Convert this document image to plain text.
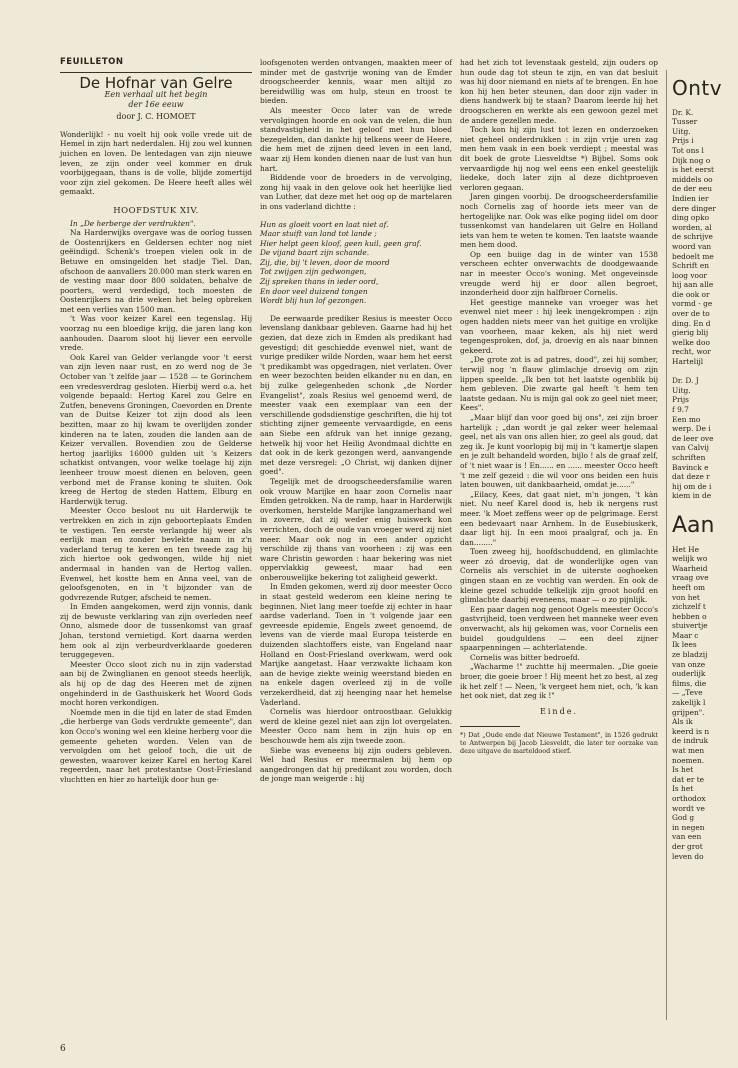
FEUILLETON
De Hofnar van Gelre
Een verhaal uit het begin
der 16e eeuw
door J. C. HOMOET

Wonderlijk! - nu voelt hij ook volle vrede uit de Hemel in zijn hart nederdalen. Hij zou wel kunnen juichen en loven. De lentedagen van zijn nieuwe leven, ze zijn onder veel kommer en druk voorbijgegaan, thans is de volle, blijde zomertijd voor zijn ziel gekomen. De Heere heeft alles wèl gemaakt.

HOOFDSTUK XIV.

In „De herberge der verdrukten".

Na Harderwijks overgave was de oorlog tussen de Oostenrijkers en Geldersen echter nog niet geëindigd. Schenk's troepen vielen ook in de Betuwe en omsingelden het stadje Tiel. Dan, ofschoon de aanvallers 20.000 man sterk waren en de vesting maar door 800 soldaten, behalve de poorters, werd verdedigd, toch moesten de Oostenrijkers na drie weken het beleg opbreken met een verlies van 1500 man.

't Was voor keizer Karel een tegenslag. Hij voorzag nu een bloedige krijg, die jaren lang kon aanhouden. Daarom sloot hij liever een eervolle vrede.

Ook Karel van Gelder verlangde voor 't eerst van zijn leven naar rust, en zo werd nog de 3e October van 't zelfde jaar — 1528 — te Gorinchem een vredesverdrag gesloten. Hierbij werd o.a. het volgende bepaald: Hertog Karel zou Gelre en Zutfen, benevens Groningen, Coevorden en Drente van de Duitse Keizer tot zijn dood als leen bezitten, maar zo hij kwam te overlijden zonder kinderen na te laten, zouden die landen aan de Keizer vervallen. Bovendien zou de Gelderse hertog jaarlijks 16000 gulden uit 's Keizers schatkist ontvangen, voor welke toelage hij zijn leenheer trouw moest dienen en beloven, geen verbond met de Franse koning te sluiten. Ook kreeg de Hertog de steden Hattem, Elburg en Harderwijk terug.

Meester Occo besloot nu uit Harderwijk te vertrekken en zich in zijn geboorteplaats Emden te vestigen. Ten eerste verlangde hij weer als eerlijk man en zonder bevlekte naam in z'n vaderland terug te keren en ten tweede zag hij zich hiertoe ook gedwongen, wilde hij niet andermaal in handen van de Hertog vallen. Evenwel, het kostte hem en Anna veel, van de geloofsgenoten, en in 't bijzonder van de godvrezende Rutger, afscheid te nemen.

In Emden aangekomen, werd zijn vonnis, dank zij de bewuste verklaring van zijn overleden neef Onno, alsmede door de tussenkomst van graaf Johan, terstond vernietigd. Kort daarna werden hem ook al zijn verbeurdverklaarde goederen teruggegeven.

Meester Occo sloot zich nu in zijn vaderstad aan bij de Zwinglianen en genoot steeds heerlijk, als hij op de dag des Heeren met de zijnen ongehinderd in de Gasthuiskerk het Woord Gods mocht horen verkondigen.

Noemde men in die tijd en later de stad Emden „die herberge van Gods verdrukte gemeente", dan kon Occo's woning wel een kleine herberg voor die gemeente geheten worden. Velen van de vervolgden om het geloof toch, die uit de gewesten, waarover keizer Karel en hertog Karel regeerden, naar het protestantse Oost-Friesland vluchtten en hier zo hartelijk door hun ge-

loofsgenoten werden ontvangen, maakten meer of minder met de gastvrije woning van de Emder droogscheerder kennis, waar men altijd zo bereidwillig was om hulp, steun en troost te bieden.

Als meester Occo later van de wrede vervolgingen hoorde en ook van de velen, die hun standvastigheid in het geloof met hun bloed bezegelden, dan dankte hij telkens weer de Heere, die hem met de zijnen deed leven in een land, waar zij Hem konden dienen naar de lust van hun hart.

Biddende voor de broeders in de vervolging, zong hij vaak in den gelove ook het heerlijke lied van Luther, dat deze met het oog op de martelaren in ons vaderland dichtte :

Hun as gloeit voort en laat niet af.
Maar stuift van land tot lande ;
Hier helpt geen kloof, geen kuil, geen graf.
De vijand baart zijn schande.
Zij, die, bij 't leven, door de moord
Tot zwijgen zijn gedwongen,
Zij spreken thans in ieder oord,
En door veel duizend tongen
Wordt blij hun lof gezongen.

De eerwaarde prediker Resius is meester Occo levenslang dankbaar gebleven. Gaarne had hij het gezien, dat deze zich in Emden als predikant had gevestigd; dit geschiedde evenwel niet, want de vurige prediker wilde Norden, waar hem het eerst 't predikambt was opgedragen, niet verlaten. Over en weer bezochten beiden elkander nu en dan, en bij zulke gelegenheden schonk „de Norder Evangelist", zoals Resius wel genoemd werd, de meester vaak een exemplaar van een der verschillende godsdienstige geschriften, die hij tot stichting zijner gemeente vervaardigde, en eens aan Siebe een afdruk van het innige gezang, hetwelk hij voor het Heilig Avondmaal dichtte en dat ook in de kerk gezongen werd, aanvangende met deze versregel: „O Christ, wij danken dijner goed".

Tegelijk met de droogscheedersfamilie waren ook vrouw Marijke en haar zoon Cornelis naar Emden getrokken. Na de ramp, haar in Harderwijk overkomen, herstelde Marijke langzamerhand wel in zoverre, dat zij weder enig huiswerk kon verrichten, doch de oude van vroeger werd zij niet meer. Maar ook nog in een ander opzicht verschilde zij thans van voorheen : zij was een ware Christin geworden : haar bekering was niet oppervlakkig geweest, maar had een onberouwelijke bekering tot zaligheid gewerkt.

In Emden gekomen, werd zij door meester Occo in staat gesteld wederom een kleine nering te beginnen. Niet lang meer toefde zij echter in haar aardse vaderland. Toen in 't volgende jaar een gevreesde epidemie, Engels zweet genoemd, de levens van de vierde maal Europa teisterde en duizenden slachtoffers eiste, van Engeland naar Holland en Oost-Friesland overkwam, werd ook Marijke aangetast. Haar verzwakte lichaam kon aan de hevige ziekte weinig weerstand bieden en na enkele dagen overleed zij in de volle verzekerdheid, dat zij heenging naar het hemelse Vaderland.

Cornelis was hierdoor ontroostbaar. Gelukkig werd de kleine gezel niet aan zijn lot overgelaten. Meester Occo nam hem in zijn huis op en beschouwde hem als zijn tweede zoon.

Siebe was eveneens bij zijn ouders gebleven. Wel had Resius er meermalen bij hem op aangedrongen dat hij predikant zou worden, doch de jonge man weigerde : hij

had het zich tot levenstaak gesteld, zijn ouders op hun oude dag tot steun te zijn, en van dat besluit was hij door niemand en niets af te brengen. En hoe kon hij hen beter steunen, dan door zijn vader in diens handwerk bij te staan? Daarom leerde hij het droogscheren en werkte als een gewoon gezel met de andere gezellen mede.

Toch kon hij zijn lust tot lezen en onderzoeken niet geheel onderdrukken : in zijn vrije uren zag men hem vaak in een boek verdiept ; meestal was dit boek de grote Liesveldtse *) Bijbel. Soms ook vervaardigde hij nog wel eens een enkel geestelijk liedeke, doch later zijn al deze dichtproeven verloren gegaan.

Jaren gingen voorbij. De droogscheerdersfamilie noch Cornelis zag of hoorde iets meer van de hertogelijke nar. Ook was elke poging iidel om door tussenkomst van handelaren uit Gelre en Holland iets van hem te weten te komen. Ten laatste waande men hem dood.

Op een buiige dag in de winter van 1538 verscheen echter onverwachts de doodgewaande nar in meester Occo's woning. Met ongeveinsde vreugde werd hij er door allen begroet, inzonderheid door zijn halfbroer Cornelis.

Het geestige manneke van vroeger was het evenwel niet meer : hij leek inengekrompen : zijn ogen hadden niets meer van het guitige en vrolijke van voorheen, maar keken, als hij niet werd tegengesproken, dof, ja, droevig en als naar binnen gekeerd.

„De grote zot is ad patres, dood", zei hij somber, terwijl nog 'n flauw glimlachje droevig om zijn lippen speelde. „Ik ben tot het laatste ogenblik bij hem gebleven. Die zwarte gal heeft 't hem ten laatste gedaan. Nu is mijn gal ook zo geel niet meer, Kees".

„Maar blijf dan voor goed bij ons", zei zijn broer hartelijk ; „dan wordt je gal zeker weer helemaal geel, net als van ons allen hier, zo geel als goud, dat zeg ik. Je kunt voorlopig bij mij in 't kamertje slapen en je zult behandeld worden, bijlo ! als de graaf zelf, of 't niet waar is ! En...... en ...... meester Occo heeft 't me zelf gezeid : die wil voor ons beiden een huis laten bouwen, uit dankbaarheid, omdat je......"

„Eilacy, Kees, dat gaat niet, m'n jongen, 't kàn niet. Nu neef Karel dood is, heb ik nergens rust meer. 'k Moet zeffens weer op de pelgrimage. Eerst een bedevaart naar Arnhem. In de Eusebiuskerk, daar ligt hij. In een mooi praalgraf, och ja. En dan........"

Toen zweeg hij, hoofdschuddend, en glimlachte weer zó droevig, dat de wonderlijke ogen van Cornelis als verschiet in de uiterste ooghoeken gingen staan en ze vochtig van werden. En ook de kleine gezel schudde telkelijk zijn groot hoofd en glimlachte daarbij eveneens, maar — o zo pijnlijk.

Een paar dagen nog genoot Ogels meester Occo's gastvrijheid, toen verdween het manneke weer even onverwacht, als hij gekomen was, voor Cornelis een buidel goudguldens — een deel zijner spaarpenningen — achterlatende.

Cornelis was bitter bedroefd.

„Wacharme !" zuchtte hij meermalen. „Die goeie broer, die goeie broer ! Hij meent het zo best, al zeg ik het zelf ! — Neen, 'k vergeet hem niet, och, 'k kan het ook niet, dat zeg ik !"

Einde.
*) Dat „Oude ende dat Nieuwe Testament", in 1526 gedrukt te Antwerpen bij Jacob Liesveldt, die later ter oorzake van deze uitgave de marteldood stierf.
Ontv
Dr. K.
Tusser
Uitg.
Prijs i
Tot ons l
Dijk nog o
is het eerst
middels oo
de der eeu
Indien ier
dere dinger
ding opko
worden, al
de schrijve
woord van
bedoelt me
Schrift en
loog voor
hij aan alle
die ook or
vormd - ge
over de to
ding. En d
gierig blij
welke doo
recht, wor
Hartelijl

Dr. D. J
Uitg.
Prijs
f 9.7
Een mo
werp. De i
de leer ove
van Calvij
schriften
Bavinck e
dat deze r
hij om de i
kiem in de
Aan
Het He
welijk wo
Waarheid
vraag ove
heeft om
von het
zichzelf t
hebben o
stuivertje
Maar c
Ik lees
ze bladzij
van onze
ouderlijk
films, die
— „Teve
zakelijk l
grijpen".
Als ik
keerd is n
de indruk
wat men
noemen.
Is het
dat er te
Is het
orthodox
wordt ve
God g
in negen
van een
der grot
leven do
6
